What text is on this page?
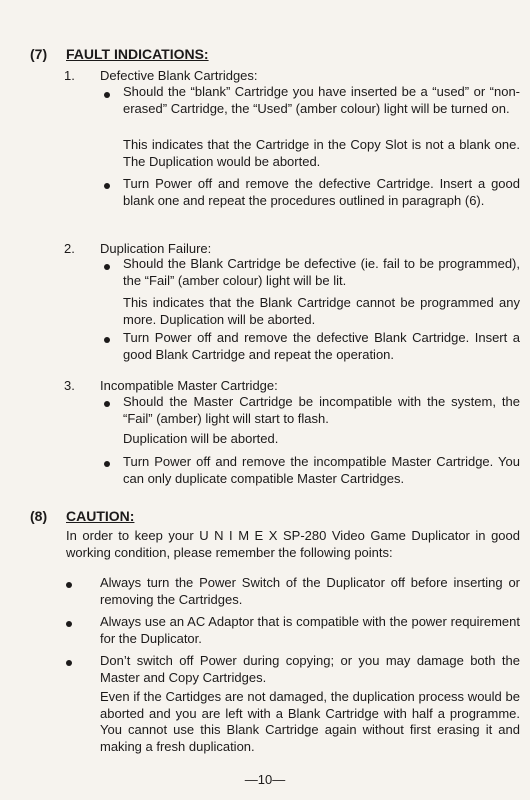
(7) FAULT INDICATIONS:
1.	Defective Blank Cartridges:
Should the “blank” Cartridge you have inserted be a “used” or “non-erased” Cartridge, the “Used” (amber colour) light will be turned on.
This indicates that the Cartridge in the Copy Slot is not a blank one. The Duplication would be aborted.
Turn Power off and remove the defective Cartridge. Insert a good blank one and repeat the procedures outlined in paragraph (6).
2.	Duplication Failure:
Should the Blank Cartridge be defective (ie. fail to be programmed), the “Fail” (amber colour) light will be lit.
This indicates that the Blank Cartridge cannot be programmed any more. Duplication will be aborted.
Turn Power off and remove the defective Blank Cartridge. Insert a good Blank Cartridge and repeat the operation.
3.	Incompatible Master Cartridge:
Should the Master Cartridge be incompatible with the system, the “Fail” (amber) light will start to flash.
Duplication will be aborted.
Turn Power off and remove the incompatible Master Cartridge. You can only duplicate compatible Master Cartridges.
(8) CAUTION:
In order to keep your U N I M E X SP-280 Video Game Duplicator in good working condition, please remember the following points:
Always turn the Power Switch of the Duplicator off before inserting or removing the Cartridges.
Always use an AC Adaptor that is compatible with the power requirement for the Duplicator.
Don’t switch off Power during copying; or you may damage both the Master and Copy Cartridges.
Even if the Cartidges are not damaged, the duplication process would be aborted and you are left with a Blank Cartridge with half a programme. You cannot use this Blank Cartridge again without first erasing it and making a fresh duplication.
—10—
